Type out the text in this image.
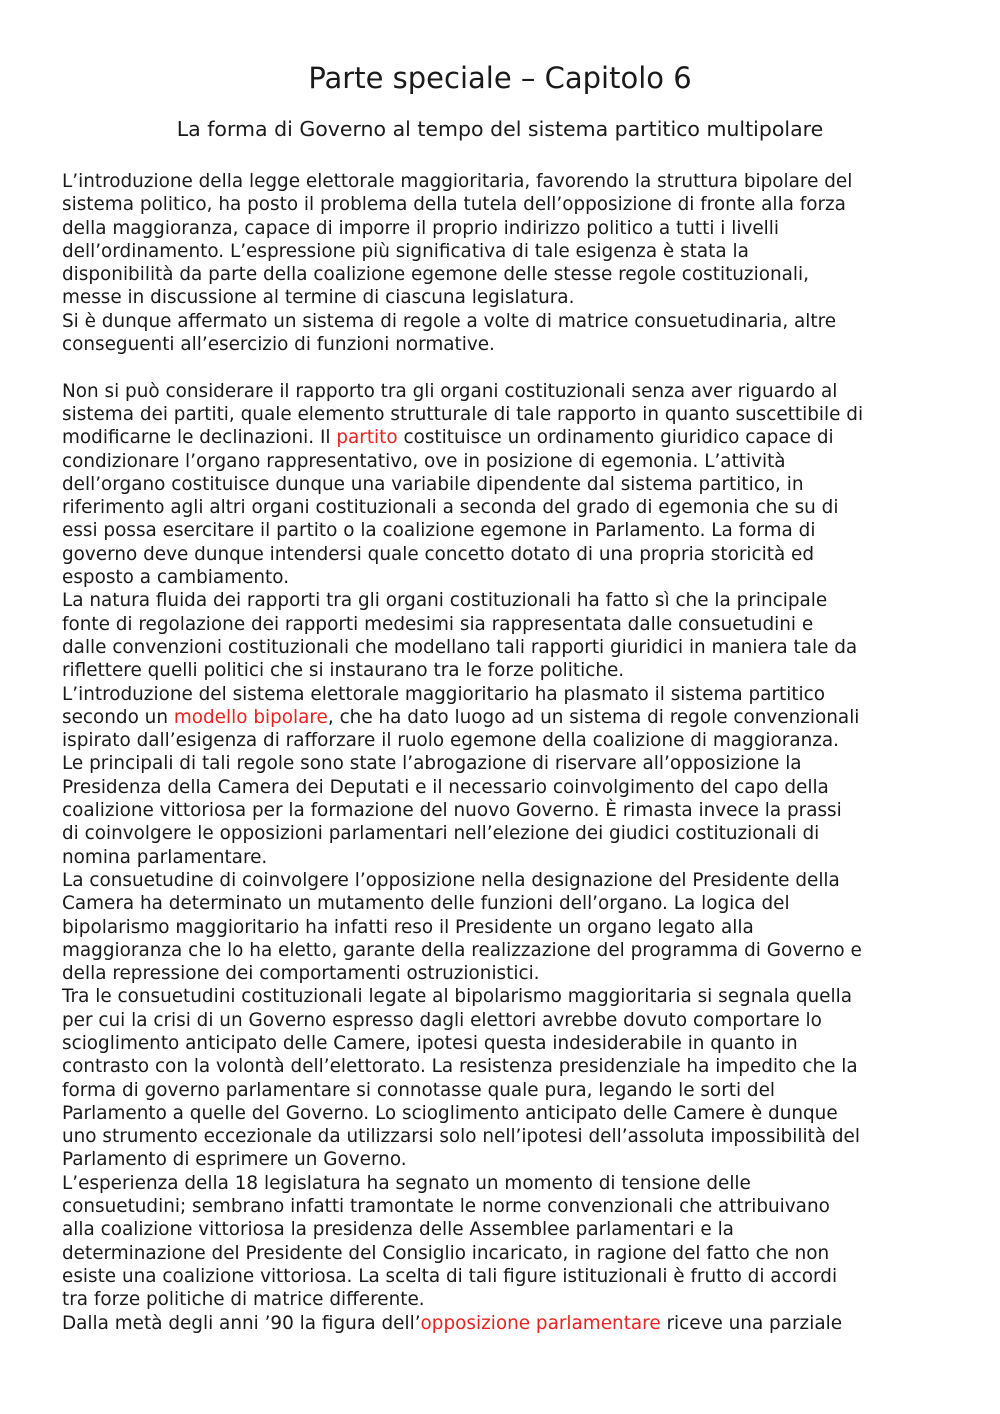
Parte speciale – Capitolo 6
La forma di Governo al tempo del sistema partitico multipolare
L’introduzione della legge elettorale maggioritaria, favorendo la struttura bipolare del
sistema politico, ha posto il problema della tutela dell’opposizione di fronte alla forza
della maggioranza, capace di imporre il proprio indirizzo politico a tutti i livelli
dell’ordinamento. L’espressione più significativa di tale esigenza è stata la
disponibilità da parte della coalizione egemone delle stesse regole costituzionali,
messe in discussione al termine di ciascuna legislatura.
Si è dunque affermato un sistema di regole a volte di matrice consuetudinaria, altre
conseguenti all’esercizio di funzioni normative.
Non si può considerare il rapporto tra gli organi costituzionali senza aver riguardo al
sistema dei partiti, quale elemento strutturale di tale rapporto in quanto suscettibile di
modificarne le declinazioni. Il partito costituisce un ordinamento giuridico capace di
condizionare l’organo rappresentativo, ove in posizione di egemonia. L’attività
dell’organo costituisce dunque una variabile dipendente dal sistema partitico, in
riferimento agli altri organi costituzionali a seconda del grado di egemonia che su di
essi possa esercitare il partito o la coalizione egemone in Parlamento. La forma di
governo deve dunque intendersi quale concetto dotato di una propria storicità ed
esposto a cambiamento.
La natura fluida dei rapporti tra gli organi costituzionali ha fatto sì che la principale
fonte di regolazione dei rapporti medesimi sia rappresentata dalle consuetudini e
dalle convenzioni costituzionali che modellano tali rapporti giuridici in maniera tale da
riflettere quelli politici che si instaurano tra le forze politiche.
L’introduzione del sistema elettorale maggioritario ha plasmato il sistema partitico
secondo un modello bipolare, che ha dato luogo ad un sistema di regole convenzionali
ispirato dall’esigenza di rafforzare il ruolo egemone della coalizione di maggioranza.
Le principali di tali regole sono state l’abrogazione di riservare all’opposizione la
Presidenza della Camera dei Deputati e il necessario coinvolgimento del capo della
coalizione vittoriosa per la formazione del nuovo Governo. È rimasta invece la prassi
di coinvolgere le opposizioni parlamentari nell’elezione dei giudici costituzionali di
nomina parlamentare.
La consuetudine di coinvolgere l’opposizione nella designazione del Presidente della
Camera ha determinato un mutamento delle funzioni dell’organo. La logica del
bipolarismo maggioritario ha infatti reso il Presidente un organo legato alla
maggioranza che lo ha eletto, garante della realizzazione del programma di Governo e
della repressione dei comportamenti ostruzionistici.
Tra le consuetudini costituzionali legate al bipolarismo maggioritaria si segnala quella
per cui la crisi di un Governo espresso dagli elettori avrebbe dovuto comportare lo
scioglimento anticipato delle Camere, ipotesi questa indesiderabile in quanto in
contrasto con la volontà dell’elettorato. La resistenza presidenziale ha impedito che la
forma di governo parlamentare si connotasse quale pura, legando le sorti del
Parlamento a quelle del Governo. Lo scioglimento anticipato delle Camere è dunque
uno strumento eccezionale da utilizzarsi solo nell’ipotesi dell’assoluta impossibilità del
Parlamento di esprimere un Governo.
L’esperienza della 18 legislatura ha segnato un momento di tensione delle
consuetudini; sembrano infatti tramontate le norme convenzionali che attribuivano
alla coalizione vittoriosa la presidenza delle Assemblee parlamentari e la
determinazione del Presidente del Consiglio incaricato, in ragione del fatto che non
esiste una coalizione vittoriosa. La scelta di tali figure istituzionali è frutto di accordi
tra forze politiche di matrice differente.
Dalla metà degli anni ’90 la figura dell’opposizione parlamentare riceve una parziale
